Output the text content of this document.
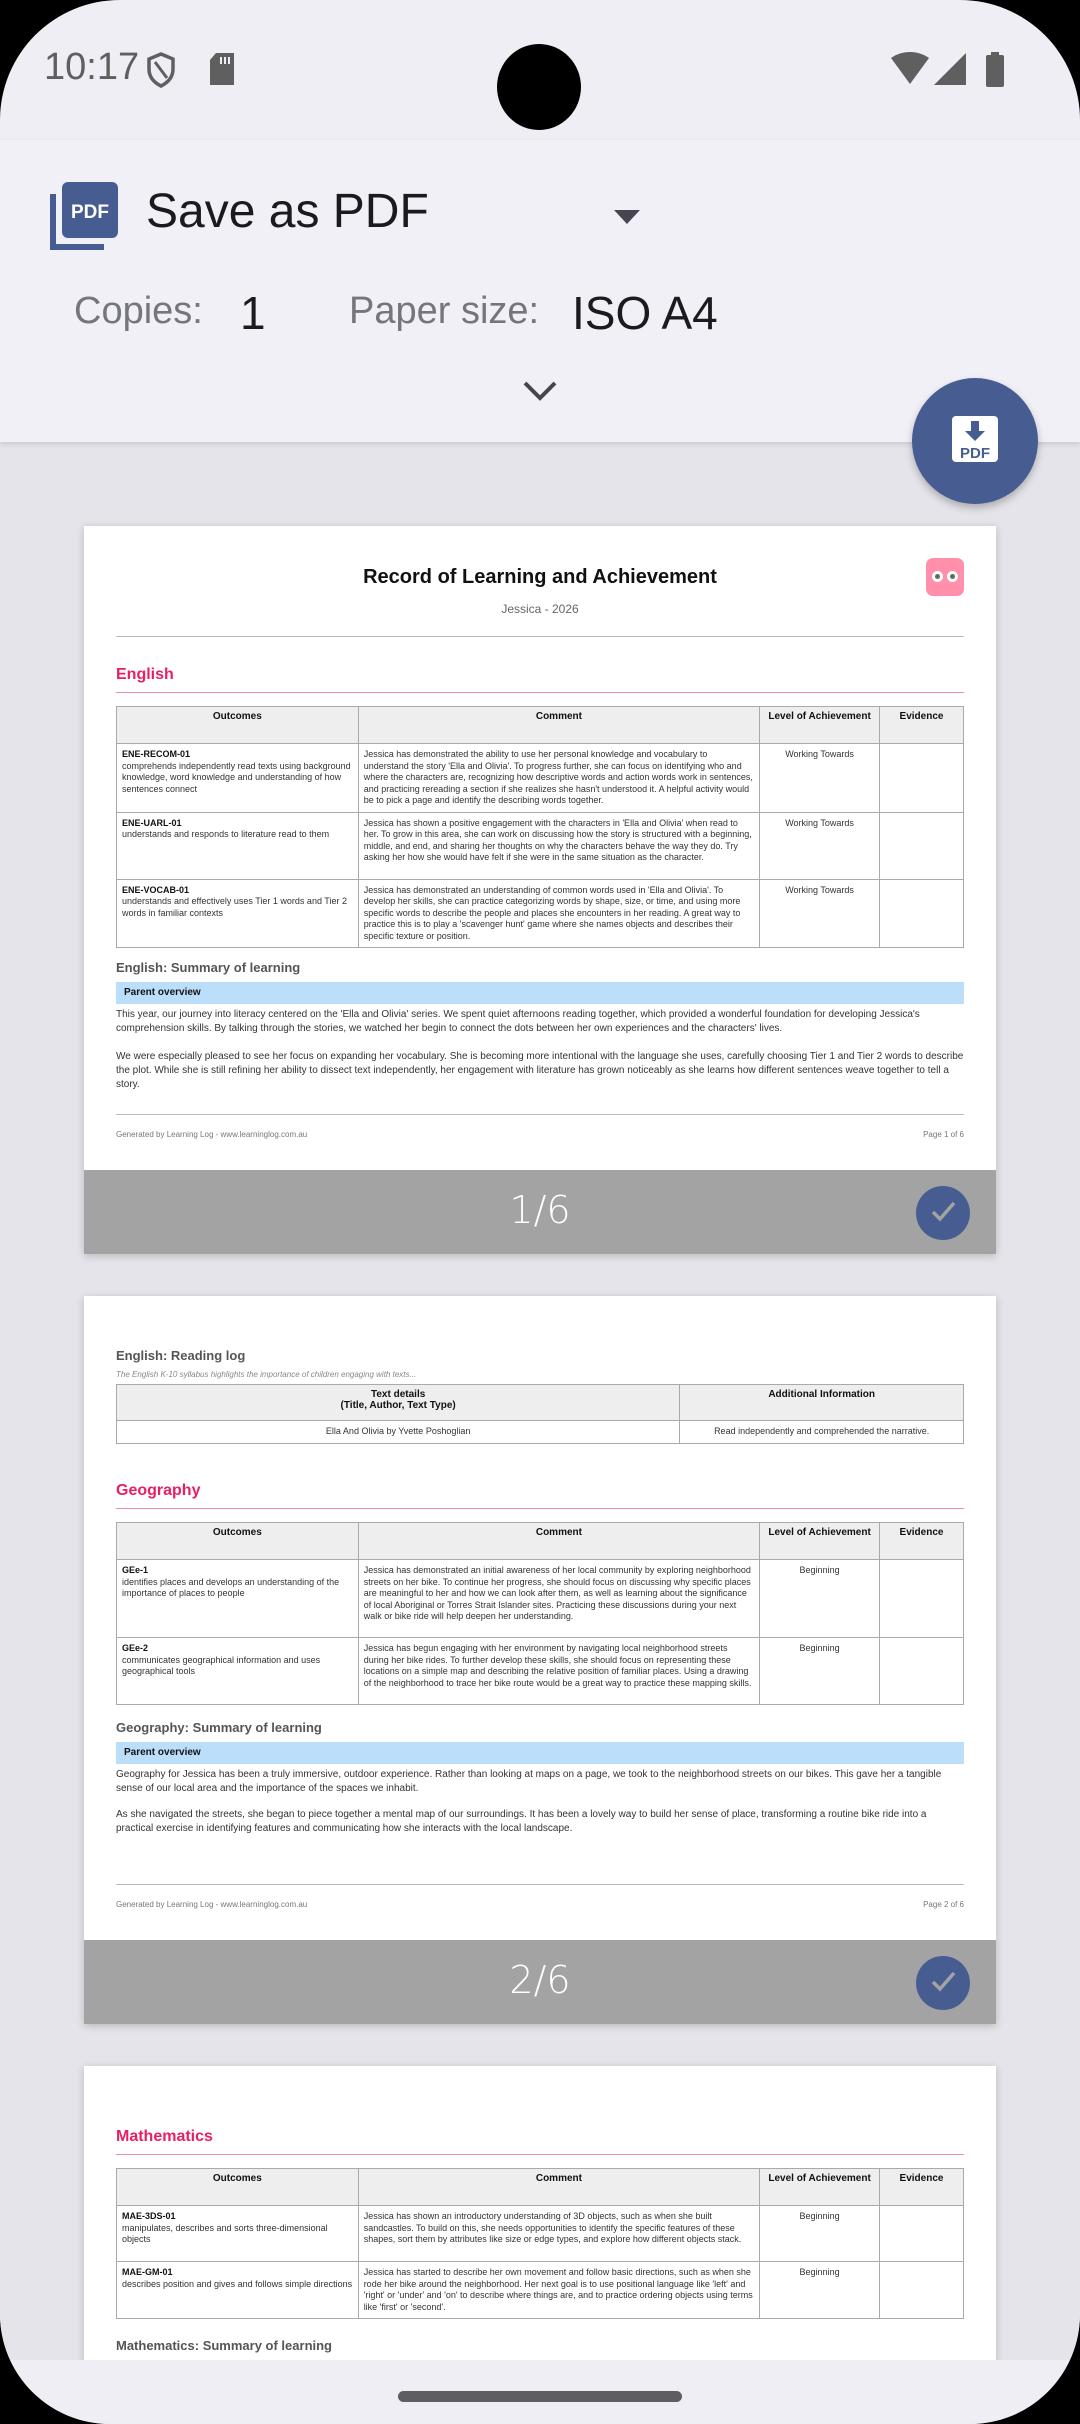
10:17
PDF Save as PDF
Copies: 1 Paper size: ISO A4
PDF
Record of Learning and Achievement
Jessica - 2026
English
Outcomes	Comment	Level of Achievement	Evidence

ENE-RECOM-01
comprehends independently read texts using background knowledge, word knowledge and understanding of how sentences connect	Jessica has demonstrated the ability to use her personal knowledge and vocabulary to understand the story 'Ella and Olivia'. To progress further, she can focus on identifying who and where the characters are, recognizing how descriptive words and action words work in sentences, and practicing rereading a section if she realizes she hasn't understood it. A helpful activity would be to pick a page and identify the describing words together.	Working Towards	

ENE-UARL-01
understands and responds to literature read to them	Jessica has shown a positive engagement with the characters in 'Ella and Olivia' when read to her. To grow in this area, she can work on discussing how the story is structured with a beginning, middle, and end, and sharing her thoughts on why the characters behave the way they do. Try asking her how she would have felt if she were in the same situation as the character.	Working Towards	

ENE-VOCAB-01
understands and effectively uses Tier 1 words and Tier 2 words in familiar contexts	Jessica has demonstrated an understanding of common words used in 'Ella and Olivia'. To develop her skills, she can practice categorizing words by shape, size, or time, and using more specific words to describe the people and places she encounters in her reading. A great way to practice this is to play a 'scavenger hunt' game where she names objects and describes their specific texture or position.	Working Towards	
English: Summary of learning
Parent overview
This year, our journey into literacy centered on the 'Ella and Olivia' series. We spent quiet afternoons reading together, which provided a wonderful foundation for developing Jessica's comprehension skills. By talking through the stories, we watched her begin to connect the dots between her own experiences and the characters' lives.
We were especially pleased to see her focus on expanding her vocabulary. She is becoming more intentional with the language she uses, carefully choosing Tier 1 and Tier 2 words to describe the plot. While she is still refining her ability to dissect text independently, her engagement with literature has grown noticeably as she learns how different sentences weave together to tell a story.
Generated by Learning Log - www.learninglog.com.au	Page 1 of 6
1/6
English: Reading log
The English K-10 syllabus highlights the importance of children engaging with texts...
Text details
(Title, Author, Text Type)	Additional Information
Ella And Olivia by Yvette Poshoglian	Read independently and comprehended the narrative.
Geography
Outcomes	Comment	Level of Achievement	Evidence

GEe-1
identifies places and develops an understanding of the importance of places to people	Jessica has demonstrated an initial awareness of her local community by exploring neighborhood streets on her bike. To continue her progress, she should focus on discussing why specific places are meaningful to her and how we can look after them, as well as learning about the significance of local Aboriginal or Torres Strait Islander sites. Practicing these discussions during your next walk or bike ride will help deepen her understanding.	Beginning	

GEe-2
communicates geographical information and uses geographical tools	Jessica has begun engaging with her environment by navigating local neighborhood streets during her bike rides. To further develop these skills, she should focus on representing these locations on a simple map and describing the relative position of familiar places. Using a drawing of the neighborhood to trace her bike route would be a great way to practice these mapping skills.	Beginning	
Geography: Summary of learning
Parent overview
Geography for Jessica has been a truly immersive, outdoor experience. Rather than looking at maps on a page, we took to the neighborhood streets on our bikes. This gave her a tangible sense of our local area and the importance of the spaces we inhabit.
As she navigated the streets, she began to piece together a mental map of our surroundings. It has been a lovely way to build her sense of place, transforming a routine bike ride into a practical exercise in identifying features and communicating how she interacts with the local landscape.
Generated by Learning Log - www.learninglog.com.au	Page 2 of 6
2/6
Mathematics
Outcomes	Comment	Level of Achievement	Evidence

MAE-3DS-01
manipulates, describes and sorts three-dimensional objects	Jessica has shown an introductory understanding of 3D objects, such as when she built sandcastles. To build on this, she needs opportunities to identify the specific features of these shapes, sort them by attributes like size or edge types, and explore how different objects stack.	Beginning	

MAE-GM-01
describes position and gives and follows simple directions	Jessica has started to describe her own movement and follow basic directions, such as when she rode her bike around the neighborhood. Her next goal is to use positional language like 'left' and 'right' or 'under' and 'on' to describe where things are, and to practice ordering objects using terms like 'first' or 'second'.	Beginning	
Mathematics: Summary of learning
